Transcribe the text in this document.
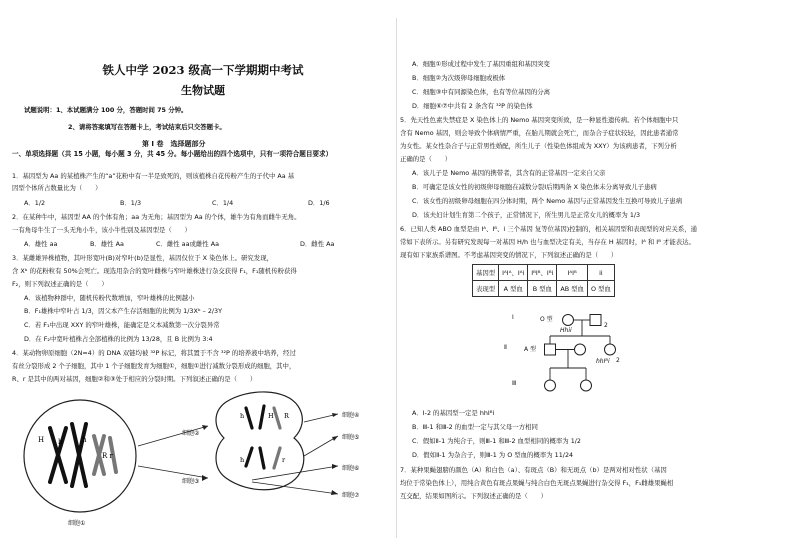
铁人中学 2023 级高一下学期期中考试
生物试题
试题说明：1、本试题满分 100 分，答题时间 75 分钟。
2、请将答案填写在答题卡上，考试结束后只交答题卡。
第 I 卷　选择题部分
一、单项选择题（共 15 小题，每小题 3 分，共 45 分。每小题给出的四个选项中，只有一项符合题目要求）
1．基因型为 Aa 的某植株产生的“a”花粉中有一半是致死的，则该植株自花传粉产生的子代中 Aa 基
因型个体所占数量比为（　　）
A．1/2	B．1/3	C．1/4	D．1/6
2．在某种牛中，基因型 AA 的个体有角；aa 为无角；基因型为 Aa 的个体，雄牛为有角而雌牛无角。
一有角母牛生了一头无角小牛，该小牛性别及基因型是（　　）
A．雄性 aa	B．雄性 Aa	C．雌性 aa或雌性 Aa	D．雌性 Aa
3．某雌雄异株植物，其叶形宽叶(B)对窄叶(b)是显性，基因仅位于 X 染色体上。研究发现，
含 Xᵇ 的花粉粒有 50%会死亡。现选用杂合的宽叶雌株与窄叶雄株进行杂交获得 F₁，F₁随机传粉获得
F₂，则下列叙述正确的是（　　）
A．该植物种群中，随机传粉代数增加，窄叶雄株的比例越小
B．F₁雄株中窄叶占 1/3，因父本产生存活细胞的比例为 1/3Xᵇ – 2/3Y
C．若 F₁中出现 XXY 的窄叶雄株，能确定是父本减数第一次分裂异常
D．在 F₂中宽叶植株占全部植株的比例为 13/28，且 B 比例为 3:4
4．某动物卵原细胞（2N=4）的 DNA 双链均被 ³²P 标记，将其置于不含 ³²P 的培养液中培养，经过
有丝分裂形成 2 个子细胞，其中 1 个子细胞发育为细胞①，细胞①进行减数分裂形成的细胞，其中，
R、r 是其中的两对基因，细胞②和③处于相应的分裂时期。下列叙述正确的是（　　）
H h	h
R r
h	H R
h	r
细胞②
细胞③
细胞④
细胞⑤
细胞⑥
细胞⑦
细胞①
A．细胞①形成过程中发生了基因重组和基因突变
B．细胞②为次级卵母细胞或极体
C．细胞③中有同源染色体，也有等位基因的分离
D．细胞⑥⑦中共有 2 条含有 ³²P 的染色体
5．先天性色素失禁症是 X 染色体上的 Nemo 基因突变所致，是一种显性遗传病。若个体细胞中只
含有 Nemo 基因，则会导致个体病情严重，在胎儿期就会死亡，而杂合子症状较轻，因此患者通常
为女性。某女性杂合子与正常男性婚配，所生儿子（性染色体组成为 XXY）为该病患者，下列分析
正确的是（　　）
A．该儿子是 Nemo 基因的携带者，其含有的正常基因一定来自父亲
B．可确定是该女性的初级卵母细胞在减数分裂Ⅰ后期两条 X 染色体未分离导致儿子患病
C．该女性的初级卵母细胞在四分体时期，两个 Nemo 基因与正常基因发生互换可导致儿子患病
D．该夫妇计划生育第二个孩子，正常情况下，所生男儿是正常女儿的概率为 1/3
6．已知人类 ABO 血型是由 Iᴬ、Iᴮ、i 三个基因 复等位基因)控制的，相关基因型和表现型的对应关系，通
常如下表所示。另有研究发现每一对基因 H/h 也与血型决定有关，当存在 H 基因时，Iᴬ 和 Iᴮ 才能表达。
现有如下家族系谱图。不考虑基因突变的情况下，下列叙述正确的是（　　）
基因型	IᴬIᴬ、Iᴬi	IᴮIᴮ、Iᴮi	IᴬIᴮ	ii
表现型	A 型血	B 型血	AB 型血	O 型血
Ⅰ
Ⅱ
Ⅲ
O 型
A 型
Hhii
hhIᴮi
2
2
A．Ⅰ-2 的基因型一定是 hhIᴮi
B．Ⅲ-1 和Ⅲ-2 的血型一定与其父母一方相同
C．假如Ⅱ-1 为纯合子，则Ⅲ-1 和Ⅲ-2 血型相同的概率为 1/2
D．假如Ⅱ-1 为杂合子，则Ⅲ-1 为 O 型血的概率为 11/24
7．某种果蝇翅膀的颜色（A）和白色（a）、有斑点（B）和无斑点（b）是两对相对性状（基因
均位于常染色体上），用纯合黄色有斑点果蝇与纯合白色无斑点果蝇进行杂交得 F₁，F₁雌雄果蝇相
互交配，结果如图所示。下列叙述正确的是（　　）
